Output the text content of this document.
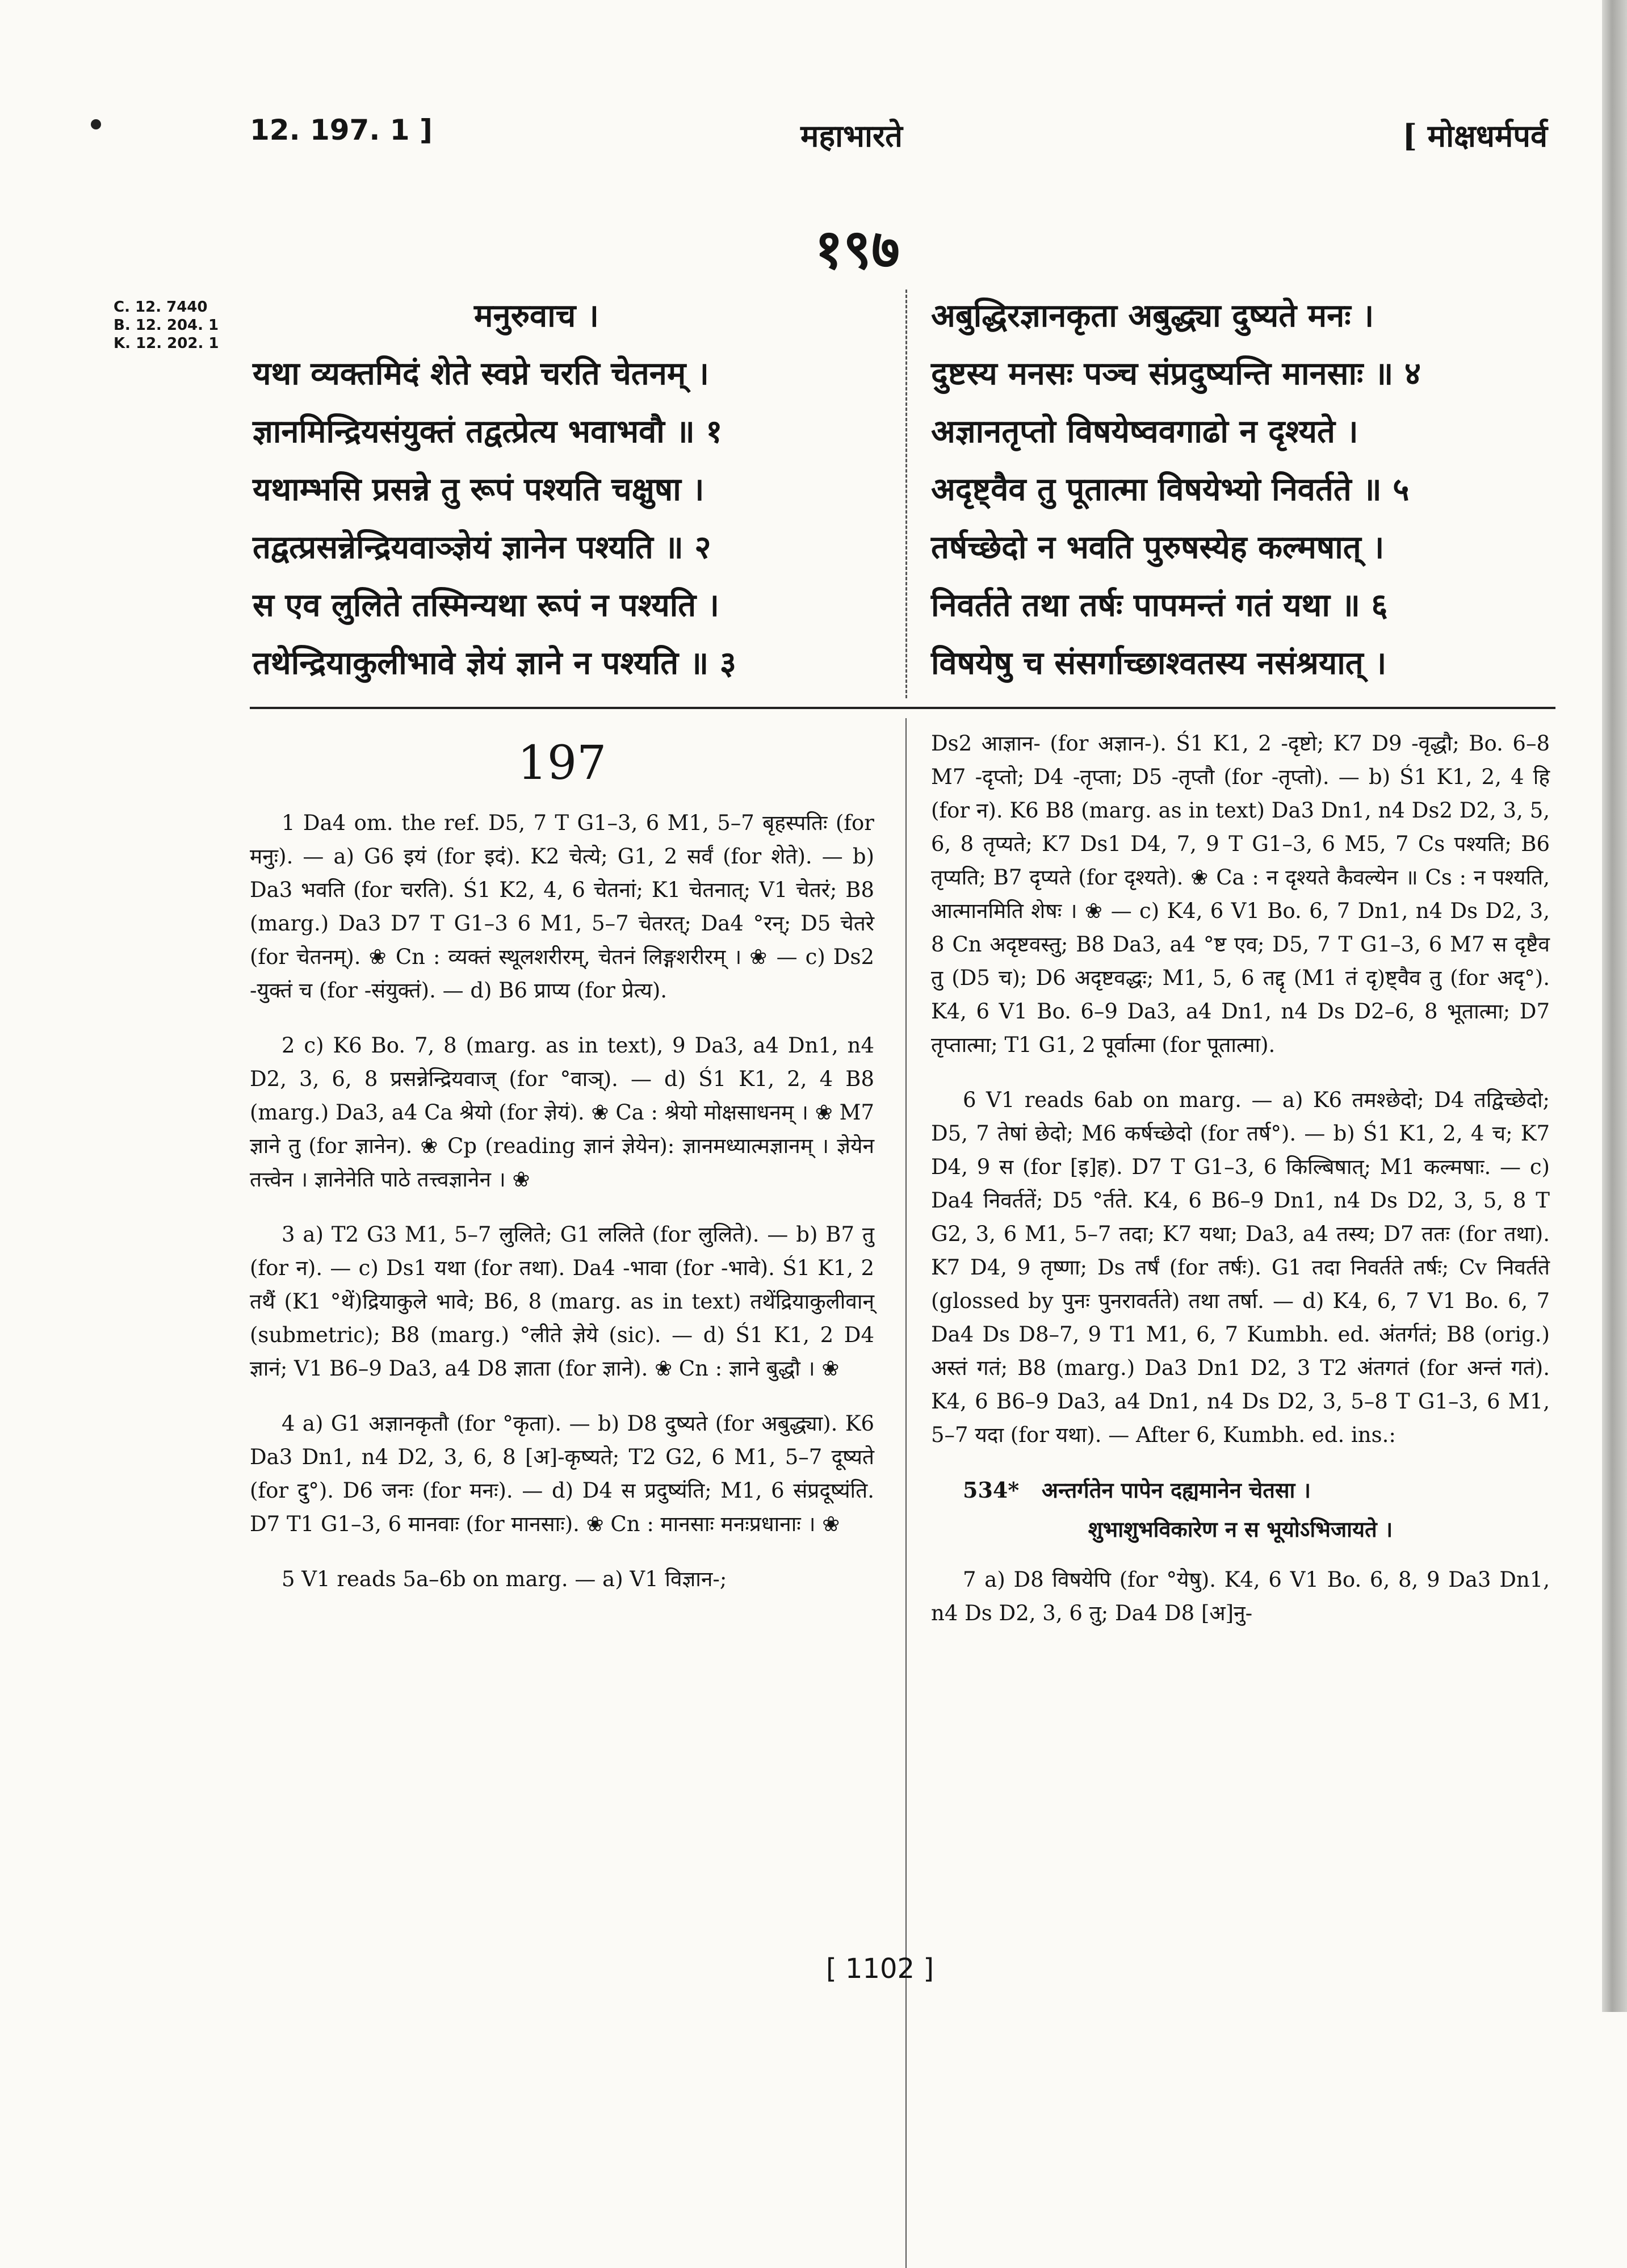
12. 197. 1 ]	महाभारते	[ मोक्षधर्मपर्व
१९७
C. 12. 7440
B. 12. 204. 1
K. 12. 202. 1
मनुरुवाच ।
यथा व्यक्तमिदं शेते स्वप्ने चरति चेतनम् ।
ज्ञानमिन्द्रियसंयुक्तं तद्वत्प्रेत्य भवाभवौ ॥ १
यथाम्भसि प्रसन्ने तु रूपं पश्यति चक्षुषा ।
तद्वत्प्रसन्नेन्द्रियवाञ्ज्ञेयं ज्ञानेन पश्यति ॥ २
स एव लुलिते तस्मिन्यथा रूपं न पश्यति ।
तथेन्द्रियाकुलीभावे ज्ञेयं ज्ञाने न पश्यति ॥ ३
अबुद्धिरज्ञानकृता अबुद्ध्या दुष्यते मनः ।
दुष्टस्य मनसः पञ्च संप्रदुष्यन्ति मानसाः ॥ ४
अज्ञानतृप्तो विषयेष्ववगाढो न दृश्यते ।
अदृष्ट्वैव तु पूतात्मा विषयेभ्यो निवर्तते ॥ ५
तर्षच्छेदो न भवति पुरुषस्येह कल्मषात् ।
निवर्तते तथा तर्षः पापमन्तं गतं यथा ॥ ६
विषयेषु च संसर्गाच्छाश्वतस्य नसंश्रयात् ।
197

1 Da4 om. the ref. D5, 7 T G1–3, 6 M1, 5–7 बृहस्पतिः (for मनुः). — a) G6 इयं (for इदं). K2 चेत्ये; G1, 2 सर्वं (for शेते). — b) Da3 भवति (for चरति). Ś1 K2, 4, 6 चेतनां; K1 चेतनात्; V1 चेतरं; B8 (marg.) Da3 D7 T G1–3 6 M1, 5–7 चेतरत्; Da4 °रन्; D5 चेतरे (for चेतनम्). ❀ Cn : व्यक्तं स्थूलशरीरम्, चेतनं लिङ्गशरीरम् । ❀ — c) Ds2 -युक्तं च (for -संयुक्तं). — d) B6 प्राप्य (for प्रेत्य).

2 c) K6 Bo. 7, 8 (marg. as in text), 9 Da3, a4 Dn1, n4 D2, 3, 6, 8 प्रसन्नेन्द्रियवाज् (for °वाञ्). — d) Ś1 K1, 2, 4 B8 (marg.) Da3, a4 Ca श्रेयो (for ज्ञेयं). ❀ Ca : श्रेयो मोक्षसाधनम् । ❀ M7 ज्ञाने तु (for ज्ञानेन). ❀ Cp (reading ज्ञानं ज्ञेयेन): ज्ञानमध्यात्मज्ञानम् । ज्ञेयेन तत्त्वेन । ज्ञानेनेति पाठे तत्त्वज्ञानेन । ❀

3 a) T2 G3 M1, 5–7 लुलिते; G1 ललिते (for लुलिते). — b) B7 तु (for न). — c) Ds1 यथा (for तथा). Da4 -भावा (for -भावे). Ś1 K1, 2 तथैं (K1 °थें)द्रियाकुले भावे; B6, 8 (marg. as in text) तथेंद्रियाकुलीवान् (submetric); B8 (marg.) °लीते ज्ञेये (sic). — d) Ś1 K1, 2 D4 ज्ञानं; V1 B6–9 Da3, a4 D8 ज्ञाता (for ज्ञाने). ❀ Cn : ज्ञाने बुद्धौ । ❀

4 a) G1 अज्ञानकृतौ (for °कृता). — b) D8 दुष्यते (for अबुद्ध्या). K6 Da3 Dn1, n4 D2, 3, 6, 8 [अ]-कृष्यते; T2 G2, 6 M1, 5–7 दूष्यते (for दु°). D6 जनः (for मनः). — d) D4 स प्रदुष्यंति; M1, 6 संप्रदूष्यंति. D7 T1 G1–3, 6 मानवाः (for मानसाः). ❀ Cn : मानसाः मनःप्रधानाः । ❀

5 V1 reads 5a–6b on marg. — a) V1 विज्ञान-;

Ds2 आज्ञान- (for अज्ञान-). Ś1 K1, 2 -दृष्टो; K7 D9 -वृद्धौ; Bo. 6–8 M7 -दृप्तो; D4 -तृप्ता; D5 -तृप्तौ (for -तृप्तो). — b) Ś1 K1, 2, 4 हि (for न). K6 B8 (marg. as in text) Da3 Dn1, n4 Ds2 D2, 3, 5, 6, 8 तृप्यते; K7 Ds1 D4, 7, 9 T G1–3, 6 M5, 7 Cs पश्यति; B6 तृप्यति; B7 दृप्यते (for दृश्यते). ❀ Ca : न दृश्यते कैवल्येन ॥ Cs : न पश्यति, आत्मानमिति शेषः । ❀ — c) K4, 6 V1 Bo. 6, 7 Dn1, n4 Ds D2, 3, 8 Cn अदृष्टवस्तु; B8 Da3, a4 °ष्ट एव; D5, 7 T G1–3, 6 M7 स दृष्टैव तु (D5 च); D6 अदृष्टवद्धः; M1, 5, 6 तद्दृ (M1 तं दृ)ष्ट्वैव तु (for अदृ°). K4, 6 V1 Bo. 6–9 Da3, a4 Dn1, n4 Ds D2–6, 8 भूतात्मा; D7 तृप्तात्मा; T1 G1, 2 पूर्वात्मा (for पूतात्मा).

6 V1 reads 6ab on marg. — a) K6 तमश्छेदो; D4 तद्विच्छेदो; D5, 7 तेषां छेदो; M6 कर्षच्छेदो (for तर्ष°). — b) Ś1 K1, 2, 4 च; K7 D4, 9 स (for [इ]ह). D7 T G1–3, 6 किल्बिषात्; M1 कल्मषाः. — c) Da4 निवर्ततें; D5 °र्तते. K4, 6 B6–9 Dn1, n4 Ds D2, 3, 5, 8 T G2, 3, 6 M1, 5–7 तदा; K7 यथा; Da3, a4 तस्य; D7 ततः (for तथा). K7 D4, 9 तृष्णा; Ds तर्षं (for तर्षः). G1 तदा निवर्तते तर्षः; Cv निवर्तते (glossed by पुनः पुनरावर्तते) तथा तर्षा. — d) K4, 6, 7 V1 Bo. 6, 7 Da4 Ds D8–7, 9 T1 M1, 6, 7 Kumbh. ed. अंतर्गतं; B8 (orig.) अस्तं गतं; B8 (marg.) Da3 Dn1 D2, 3 T2 अंतगतं (for अन्तं गतं). K4, 6 B6–9 Da3, a4 Dn1, n4 Ds D2, 3, 5–8 T G1–3, 6 M1, 5–7 यदा (for यथा). — After 6, Kumbh. ed. ins.:

534* अन्तर्गतेन पापेन दह्यमानेन चेतसा ।

शुभाशुभविकारेण न स भूयोऽभिजायते ।

7 a) D8 विषयेपि (for °येषु). K4, 6 V1 Bo. 6, 8, 9 Da3 Dn1, n4 Ds D2, 3, 6 तु; Da4 D8 [अ]नु-

[ 1102 ]
